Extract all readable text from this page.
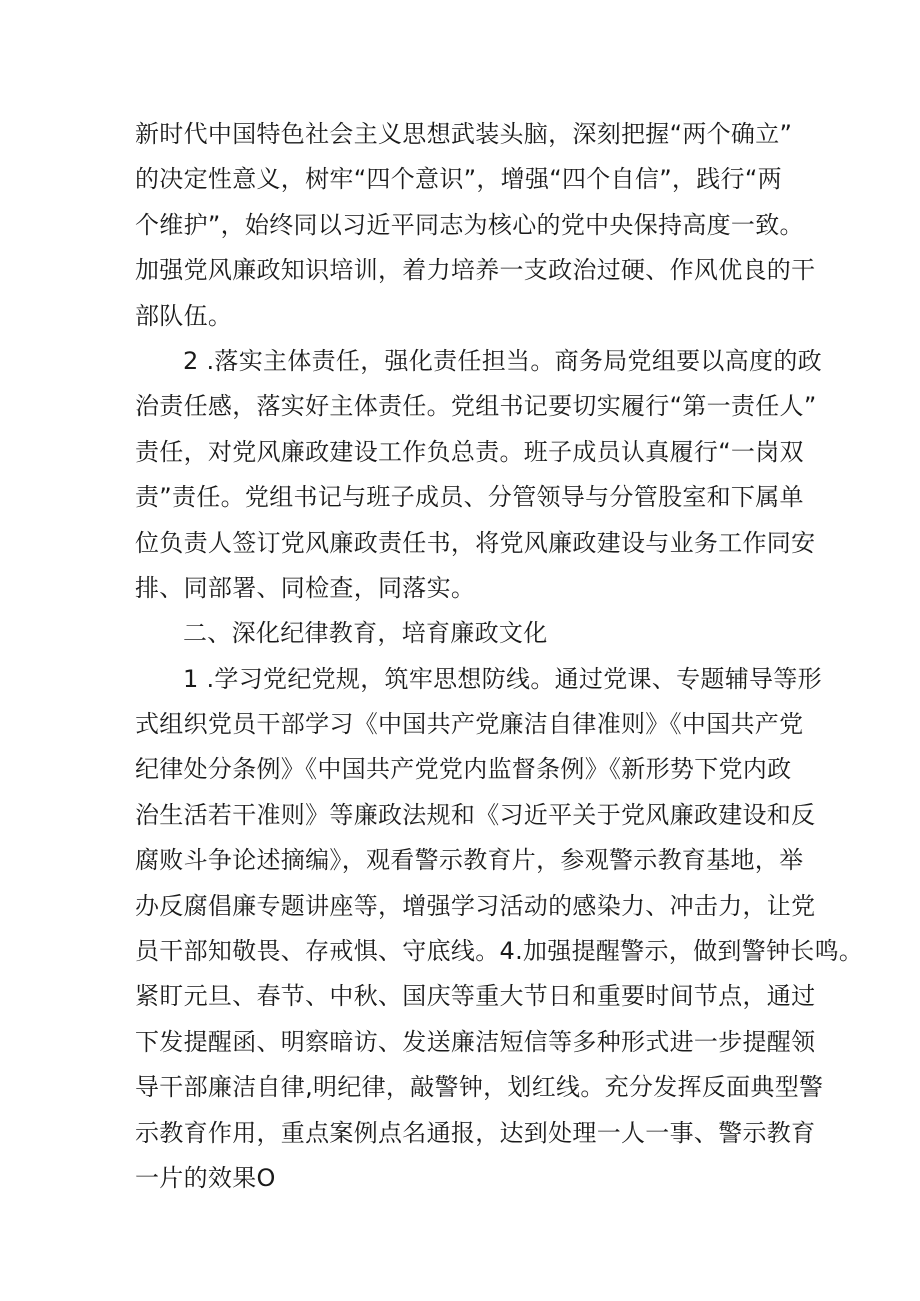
新时代中国特色社会主义思想武装头脑，深刻把握“两个确立”
的决定性意义，树牢“四个意识”，增强“四个自信”，践行“两
个维护”，始终同以习近平同志为核心的党中央保持高度一致。
加强党风廉政知识培训，着力培养一支政治过硬、作风优良的干
部队伍。

2 .落实主体责任，强化责任担当。商务局党组要以高度的政
治责任感，落实好主体责任。党组书记要切实履行“第一责任人”
责任，对党风廉政建设工作负总责。班子成员认真履行“一岗双
责”责任。党组书记与班子成员、分管领导与分管股室和下属单
位负责人签订党风廉政责任书，将党风廉政建设与业务工作同安
排、同部署、同检查，同落实。

二、深化纪律教育，培育廉政文化

1 .学习党纪党规，筑牢思想防线。通过党课、专题辅导等形
式组织党员干部学习《中国共产党廉洁自律准则》《中国共产党
纪律处分条例》《中国共产党党内监督条例》《新形势下党内政
治生活若干准则》等廉政法规和《习近平关于党风廉政建设和反
腐败斗争论述摘编》，观看警示教育片，参观警示教育基地，举
办反腐倡廉专题讲座等，增强学习活动的感染力、冲击力，让党
员干部知敬畏、存戒惧、守底线。4.加强提醒警示，做到警钟长鸣。
紧盯元旦、春节、中秋、国庆等重大节日和重要时间节点，通过
下发提醒函、明察暗访、发送廉洁短信等多种形式进一步提醒领
导干部廉洁自律,明纪律，敲警钟，划红线。充分发挥反面典型警
示教育作用，重点案例点名通报，达到处理一人一事、警示教育
一片的效果O
